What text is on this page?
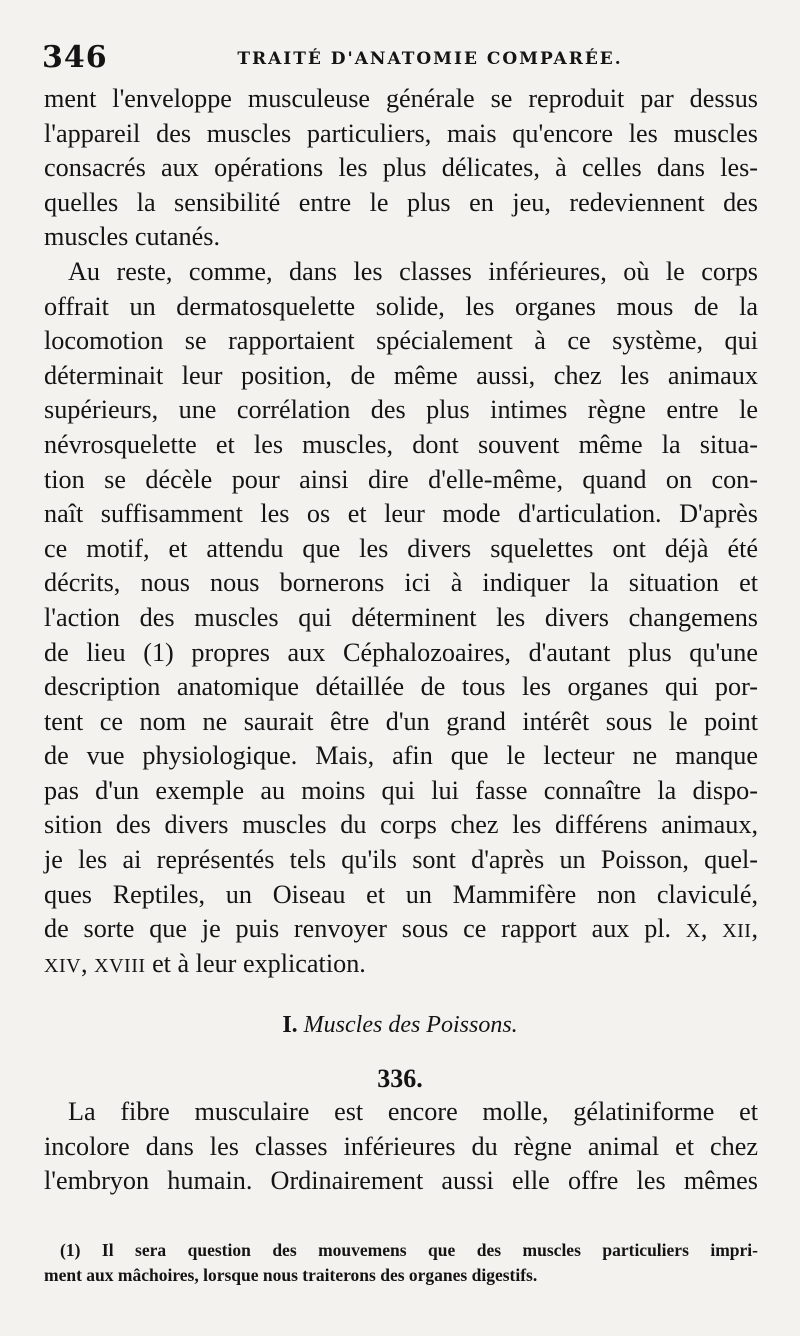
346	TRAITÉ D'ANATOMIE COMPARÉE.
ment l'enveloppe musculeuse générale se reproduit par dessus
l'appareil des muscles particuliers, mais qu'encore les muscles
consacrés aux opérations les plus délicates, à celles dans les-
quelles la sensibilité entre le plus en jeu, redeviennent des
muscles cutanés.
Au reste, comme, dans les classes inférieures, où le corps
offrait un dermatosquelette solide, les organes mous de la
locomotion se rapportaient spécialement à ce système, qui
déterminait leur position, de même aussi, chez les animaux
supérieurs, une corrélation des plus intimes règne entre le
névrosquelette et les muscles, dont souvent même la situa-
tion se décèle pour ainsi dire d'elle-même, quand on con-
naît suffisamment les os et leur mode d'articulation. D'après
ce motif, et attendu que les divers squelettes ont déjà été
décrits, nous nous bornerons ici à indiquer la situation et
l'action des muscles qui déterminent les divers changemens
de lieu (1) propres aux Céphalozoaires, d'autant plus qu'une
description anatomique détaillée de tous les organes qui por-
tent ce nom ne saurait être d'un grand intérêt sous le point
de vue physiologique. Mais, afin que le lecteur ne manque
pas d'un exemple au moins qui lui fasse connaître la dispo-
sition des divers muscles du corps chez les différens animaux,
je les ai représentés tels qu'ils sont d'après un Poisson, quel-
ques Reptiles, un Oiseau et un Mammifère non claviculé,
de sorte que je puis renvoyer sous ce rapport aux pl. X, XII,
XIV, XVIII et à leur explication.
I. Muscles des Poissons.
336.
La fibre musculaire est encore molle, gélatiniforme et
incolore dans les classes inférieures du règne animal et chez
l'embryon humain. Ordinairement aussi elle offre les mêmes
(1) Il sera question des mouvemens que des muscles particuliers impri-
ment aux mâchoires, lorsque nous traiterons des organes digestifs.
